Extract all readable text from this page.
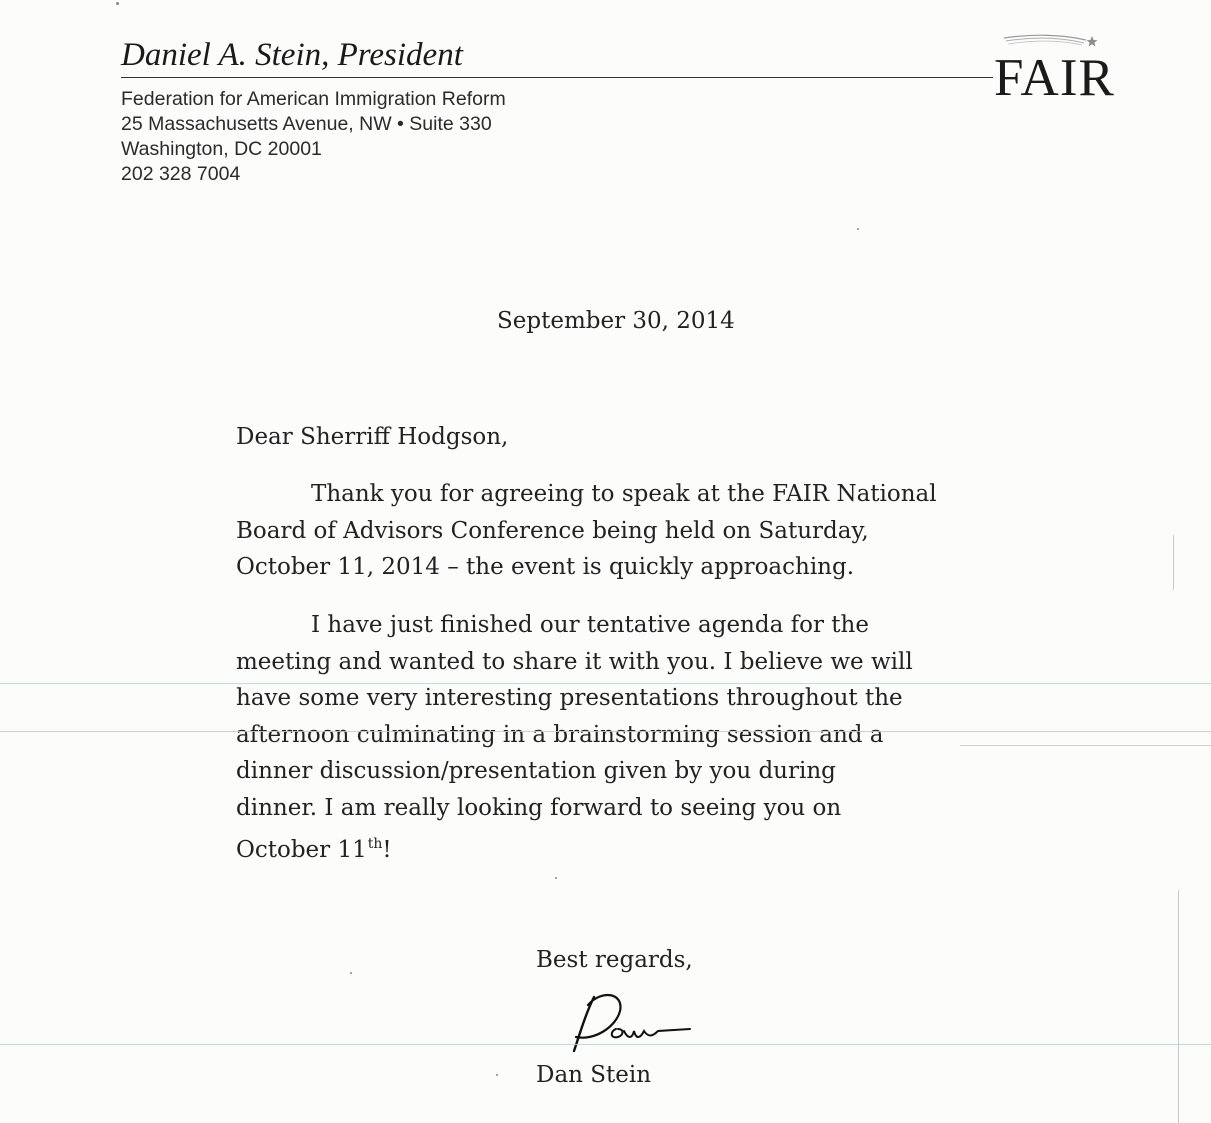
Daniel A. Stein, President	FAIR
Federation for American Immigration Reform
25 Massachusetts Avenue, NW • Suite 330
Washington, DC 20001
202 328 7004
September 30, 2014
Dear Sherriff Hodgson,
Thank you for agreeing to speak at the FAIR National
Board of Advisors Conference being held on Saturday,
October 11, 2014 – the event is quickly approaching.
I have just finished our tentative agenda for the
meeting and wanted to share it with you. I believe we will
have some very interesting presentations throughout the
afternoon culminating in a brainstorming session and a
dinner discussion/presentation given by you during
dinner. I am really looking forward to seeing you on
October 11th!
Best regards,
Dan Stein
